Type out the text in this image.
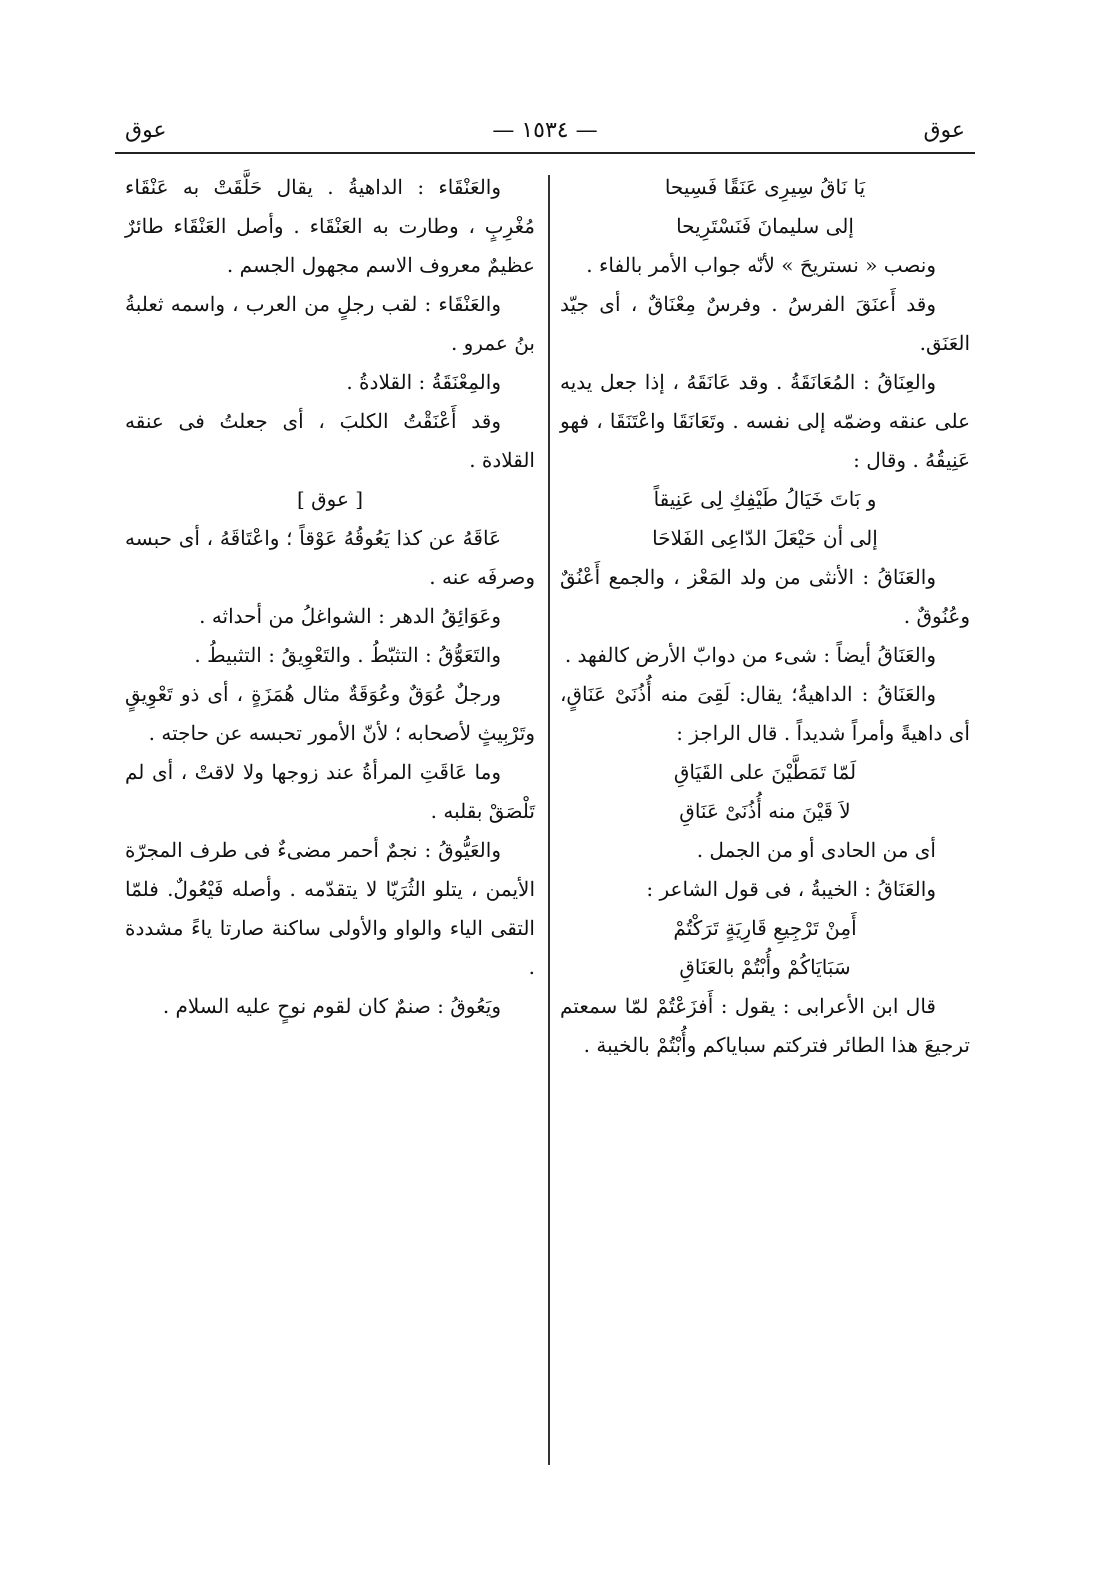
عوق
— ١٥٣٤ —
عوق

يَا نَاقُ سِيرِى عَنَقًا فَسِيحا

إلى سليمانَ فَنَسْتَرِيحا

ونصب « نستريحَ » لأنّه جواب الأمر بالفاء .

وقد أَعنَقَ الفرسُ . وفرسٌ مِعْنَاقٌ ، أى جيّد العَنَق.

والعِنَاقُ : المُعَانَقَةُ . وقد عَانَقَهُ ، إذا جعل يديه على عنقه وضمّه إلى نفسه . وتَعَانَقَا واعْتَنَقَا ، فهو عَنِيقُهُ . وقال :

و بَاتَ خَيَالُ طَيْفِكِ لِى عَنِيقاً

إلى أن حَيْعَلَ الدّاعِى الفَلاحَا

والعَنَاقُ : الأنثى من ولد المَعْز ، والجمع أَعْنُقٌ وعُنُوقٌ .

والعَنَاقُ أيضاً : شىء من دوابّ الأرض كالفهد .

والعَنَاقُ : الداهيةُ؛ يقال: لَقِىَ منه أُذُنَىْ عَنَاقٍ، أى داهيةً وأمراً شديداً . قال الراجز :

لَمّا تَمَطَّيْنَ على القَيَاقِ

لاَ قَيْنَ منه أُذُنَىْ عَنَاقِ

أى من الحادى أو من الجمل .

والعَنَاقُ : الخيبةُ ، فى قول الشاعر :

أَمِنْ تَرْجِيعِ قَارِيَةٍ تَرَكْتُمْ

سَبَايَاكُمْ وأُبْتُمْ بالعَنَاقِ

قال ابن الأعرابى : يقول : أَفزَعْتُمْ لمّا سمعتم ترجيعَ هذا الطائر فتركتم سباياكم وأُبْتُمْ بالخيبة .

والعَنْقَاء : الداهيةُ . يقال حَلَّقَتْ به عَنْقَاء مُغْرِبٍ ، وطارت به العَنْقَاء . وأصل العَنْقَاء طائرٌ عظيمٌ معروف الاسم مجهول الجسم .

والعَنْقَاء : لقب رجلٍ من العرب ، واسمه ثعلبةُ بنُ عمرو .

والمِعْنَقَةُ : القلادةُ .

وقد أَعْنَقْتُ الكلبَ ، أى جعلتُ فى عنقه القلادة .

[ عوق ]

عَاقَهُ عن كذا يَعُوقُهُ عَوْقاً ؛ واعْتَاقَهُ ، أى حبسه وصرفَه عنه .

وعَوَائِقُ الدهر : الشواغلُ من أحداثه .

والتَعَوُّقُ : التثبّطُ . والتَعْوِيقُ : التثبيطُ .

ورجلٌ عُوَقٌ وعُوَقَةٌ مثال هُمَزَةٍ ، أى ذو تَعْوِيقٍ وتَرْبِيثٍ لأصحابه ؛ لأنّ الأمور تحبسه عن حاجته .

وما عَاقَتِ المرأةُ عند زوجها ولا لاقتْ ، أى لم تَلْصَقْ بقلبه .

والعَيُّوقُ : نجمٌ أحمر مضىءٌ فى طرف المجرّة الأيمن ، يتلو الثُرَيّا لا يتقدّمه . وأصله فَيْعُولٌ. فلمّا التقى الياء والواو والأولى ساكنة صارتا ياءً مشددة .

ويَعُوقُ : صنمٌ كان لقوم نوحٍ عليه السلام .
